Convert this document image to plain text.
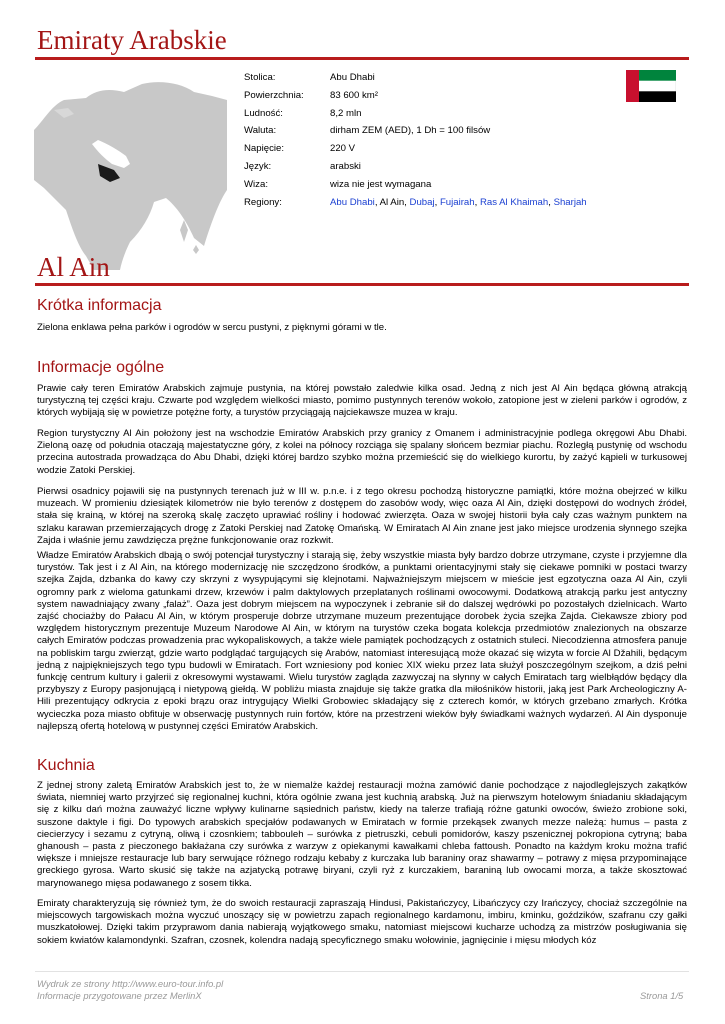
Emiraty Arabskie
Stolica:	Abu Dhabi
Powierzchnia:	83 600 km²
Ludność:	8,2 mln
Waluta:	dirham ZEM (AED), 1 Dh = 100 filsów
Napięcie:	220 V
Język:	arabski
Wiza:	wiza nie jest wymagana
Regiony:	Abu Dhabi, Al Ain, Dubaj, Fujairah, Ras Al Khaimah, Sharjah
Al Ain
Krótka informacja

Zielona enklawa pełna parków i ogrodów w sercu pustyni, z pięknymi górami w tle.

Informacje ogólne

Prawie cały teren Emiratów Arabskich zajmuje pustynia, na której powstało zaledwie kilka osad. Jedną z nich jest Al Ain będąca główną atrakcją turystyczną tej części kraju. Czwarte pod względem wielkości miasto, pomimo pustynnych terenów wokoło, zatopione jest w zieleni parków i ogrodów, z których wybijają się w powietrze potężne forty, a turystów przyciągają najciekawsze muzea w kraju.

Region turystyczny Al Ain położony jest na wschodzie Emiratów Arabskich przy granicy z Omanem i administracyjnie podlega okręgowi Abu Dhabi. Zieloną oazę od południa otaczają majestatyczne góry, z kolei na północy rozciąga się spalany słońcem bezmiar piachu. Rozległą pustynię od wschodu przecina autostrada prowadząca do Abu Dhabi, dzięki której bardzo szybko można przemieścić się do wielkiego kurortu, by zażyć kąpieli w turkusowej wodzie Zatoki Perskiej.

Pierwsi osadnicy pojawili się na pustynnych terenach już w III w. p.n.e. i z tego okresu pochodzą historyczne pamiątki, które można obejrzeć w kilku muzeach. W promieniu dziesiątek kilometrów nie było terenów z dostępem do zasobów wody, więc oaza Al Ain, dzięki dostępowi do wodnych źródeł, stała się krainą, w której na szeroką skalę zaczęto uprawiać rośliny i hodować zwierzęta. Oaza w swojej historii była cały czas ważnym punktem na szlaku karawan przemierzających drogę z Zatoki Perskiej nad Zatokę Omańską. W Emiratach Al Ain znane jest jako miejsce urodzenia słynnego szejka Zajda i właśnie jemu zawdzięcza prężne funkcjonowanie oraz rozkwit.

Władze Emiratów Arabskich dbają o swój potencjał turystyczny i starają się, żeby wszystkie miasta były bardzo dobrze utrzymane, czyste i przyjemne dla turystów. Tak jest i z Al Ain, na którego modernizację nie szczędzono środków, a punktami orientacyjnymi stały się ciekawe pomniki w postaci twarzy szejka Zajda, dzbanka do kawy czy skrzyni z wysypującymi się klejnotami. Najważniejszym miejscem w mieście jest egzotyczna oaza Al Ain, czyli ogromny park z wieloma gatunkami drzew, krzewów i palm daktylowych przeplatanych roślinami owocowymi. Dodatkową atrakcją parku jest antyczny system nawadniający zwany „falaż”. Oaza jest dobrym miejscem na wypoczynek i zebranie sił do dalszej wędrówki po pozostałych dzielnicach. Warto zajść chociażby do Pałacu Al Ain, w którym prosperuje dobrze utrzymane muzeum prezentujące dorobek życia szejka Zajda. Ciekawsze zbiory pod względem historycznym prezentuje Muzeum Narodowe Al Ain, w którym na turystów czeka bogata kolekcja przedmiotów znalezionych na obszarze całych Emiratów podczas prowadzenia prac wykopaliskowych, a także wiele pamiątek pochodzących z ostatnich stuleci. Niecodzienna atmosfera panuje na pobliskim targu zwierząt, gdzie warto podglądać targujących się Arabów, natomiast interesującą może okazać się wizyta w forcie Al Džahili, będącym jedną z najpiękniejszych tego typu budowli w Emiratach. Fort wzniesiony pod koniec XIX wieku przez lata służył poszczególnym szejkom, a dziś pełni funkcję centrum kultury i galerii z okresowymi wystawami. Wielu turystów zagląda zazwyczaj na słynny w całych Emiratach targ wielbłądów będący dla przybyszy z Europy pasjonującą i nietypową giełdą. W pobliżu miasta znajduje się także gratka dla miłośników historii, jaką jest Park Archeologiczny A-Hili prezentujący odkrycia z epoki brązu oraz intrygujący Wielki Grobowiec składający się z czterech komór, w których grzebano zmarłych. Krótka wycieczka poza miasto obfituje w obserwację pustynnych ruin fortów, które na przestrzeni wieków były świadkami ważnych wydarzeń. Al Ain dysponuje najlepszą ofertą hotelową w pustynnej części Emiratów Arabskich.

Kuchnia

Z jednej strony zaletą Emiratów Arabskich jest to, że w niemalże każdej restauracji można zamówić danie pochodzące z najodleglejszych zakątków świata, niemniej warto przyjrzeć się regionalnej kuchni, która ogólnie zwana jest kuchnią arabską. Już na pierwszym hotelowym śniadaniu składającym się z kilku dań można zauważyć liczne wpływy kulinarne sąsiednich państw, kiedy na talerze trafiają różne gatunki owoców, świeżo zrobione soki, suszone daktyle i figi. Do typowych arabskich specjałów podawanych w Emiratach w formie przekąsek zwanych mezze należą: humus – pasta z ciecierzycy i sezamu z cytryną, oliwą i czosnkiem; tabbouleh – surówka z pietruszki, cebuli pomidorów, kaszy pszenicznej pokropiona cytryną; baba ghanoush – pasta z pieczonego bakłażana czy surówka z warzyw z opiekanymi kawałkami chleba fattoush. Ponadto na każdym kroku można trafić większe i mniejsze restauracje lub bary serwujące różnego rodzaju kebaby z kurczaka lub baraniny oraz shawarmy – potrawy z mięsa przypominające greckiego gyrosa. Warto skusić się także na azjatycką potrawę biryani, czyli ryż z kurczakiem, baraniną lub owocami morza, a także skosztować marynowanego mięsa podawanego z sosem tikka.

Emiraty charakteryzują się również tym, że do swoich restauracji zapraszają Hindusi, Pakistańczycy, Libańczycy czy Irańczycy, chociaż szczególnie na miejscowych targowiskach można wyczuć unoszący się w powietrzu zapach regionalnego kardamonu, imbiru, kminku, goździków, szafranu czy gałki muszkatołowej. Dzięki takim przyprawom dania nabierają wyjątkowego smaku, natomiast miejscowi kucharze uchodzą za mistrzów posługiwania się sokiem kwiatów kalamondynki. Szafran, czosnek, kolendra nadają specyficznego smaku wołowinie, jagnięcinie i mięsu młodych kóz

Wydruk ze strony http://www.euro-tour.info.pl
Informacje przygotowane przez MerlinX	Strona 1/5
